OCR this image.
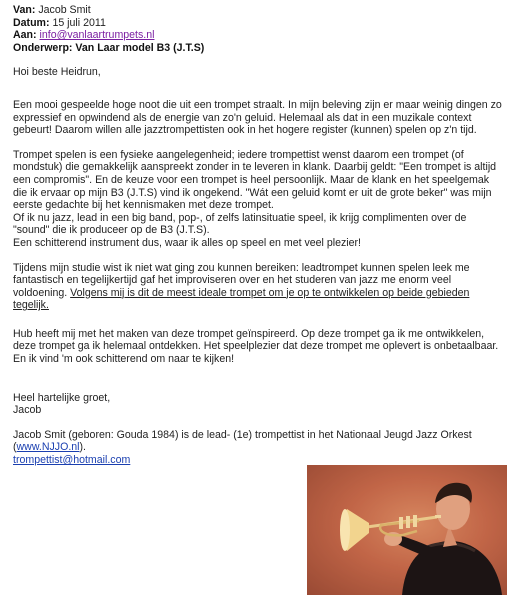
Van: Jacob Smit
Datum: 15 juli 2011
Aan: info@vanlaartrumpets.nl
Onderwerp: Van Laar model B3 (J.T.S)

Hoi beste Heidrun,

Een mooi gespeelde hoge noot die uit een trompet straalt. In mijn beleving zijn er maar weinig dingen zo expressief en opwindend als de energie van zo'n geluid. Helemaal als dat in een muzikale context gebeurt! Daarom willen alle jazztrompettisten ook in het hogere register (kunnen) spelen op z'n tijd.

Trompet spelen is een fysieke aangelegenheid; iedere trompettist wenst daarom een trompet (of mondstuk) die gemakkelijk aanspreekt zonder in te leveren in klank. Daarbij geldt: "Een trompet is altijd een compromis". En de keuze voor een trompet is heel persoonlijk. Maar de klank en het speelgemak die ik ervaar op mijn B3 (J.T.S) vind ik ongekend. "Wát een geluid komt er uit de grote beker" was mijn eerste gedachte bij het kennismaken met deze trompet.

Of ik nu jazz, lead in een big band, pop-, of zelfs latinsituatie speel, ik krijg complimenten over de "sound" die ik produceer op de B3 (J.T.S).

Een schitterend instrument dus, waar ik alles op speel en met veel plezier!

Tijdens mijn studie wist ik niet wat ging zou kunnen bereiken: leadtrompet kunnen spelen leek me fantastisch en tegelijkertijd gaf het improviseren over en het studeren van jazz me enorm veel voldoening. Volgens mij is dit de meest ideale trompet om je op te ontwikkelen op beide gebieden tegelijk.

Hub heeft mij met het maken van deze trompet geïnspireerd. Op deze trompet ga ik me ontwikkelen, deze trompet ga ik helemaal ontdekken. Het speelplezier dat deze trompet me oplevert is onbetaalbaar. En ik vind 'm ook schitterend om naar te kijken!

Heel hartelijke groet,

Jacob

Jacob Smit (geboren: Gouda 1984) is de lead- (1e) trompettist in het Nationaal Jeugd Jazz Orkest (www.NJJO.nl).

trompettist@hotmail.com
